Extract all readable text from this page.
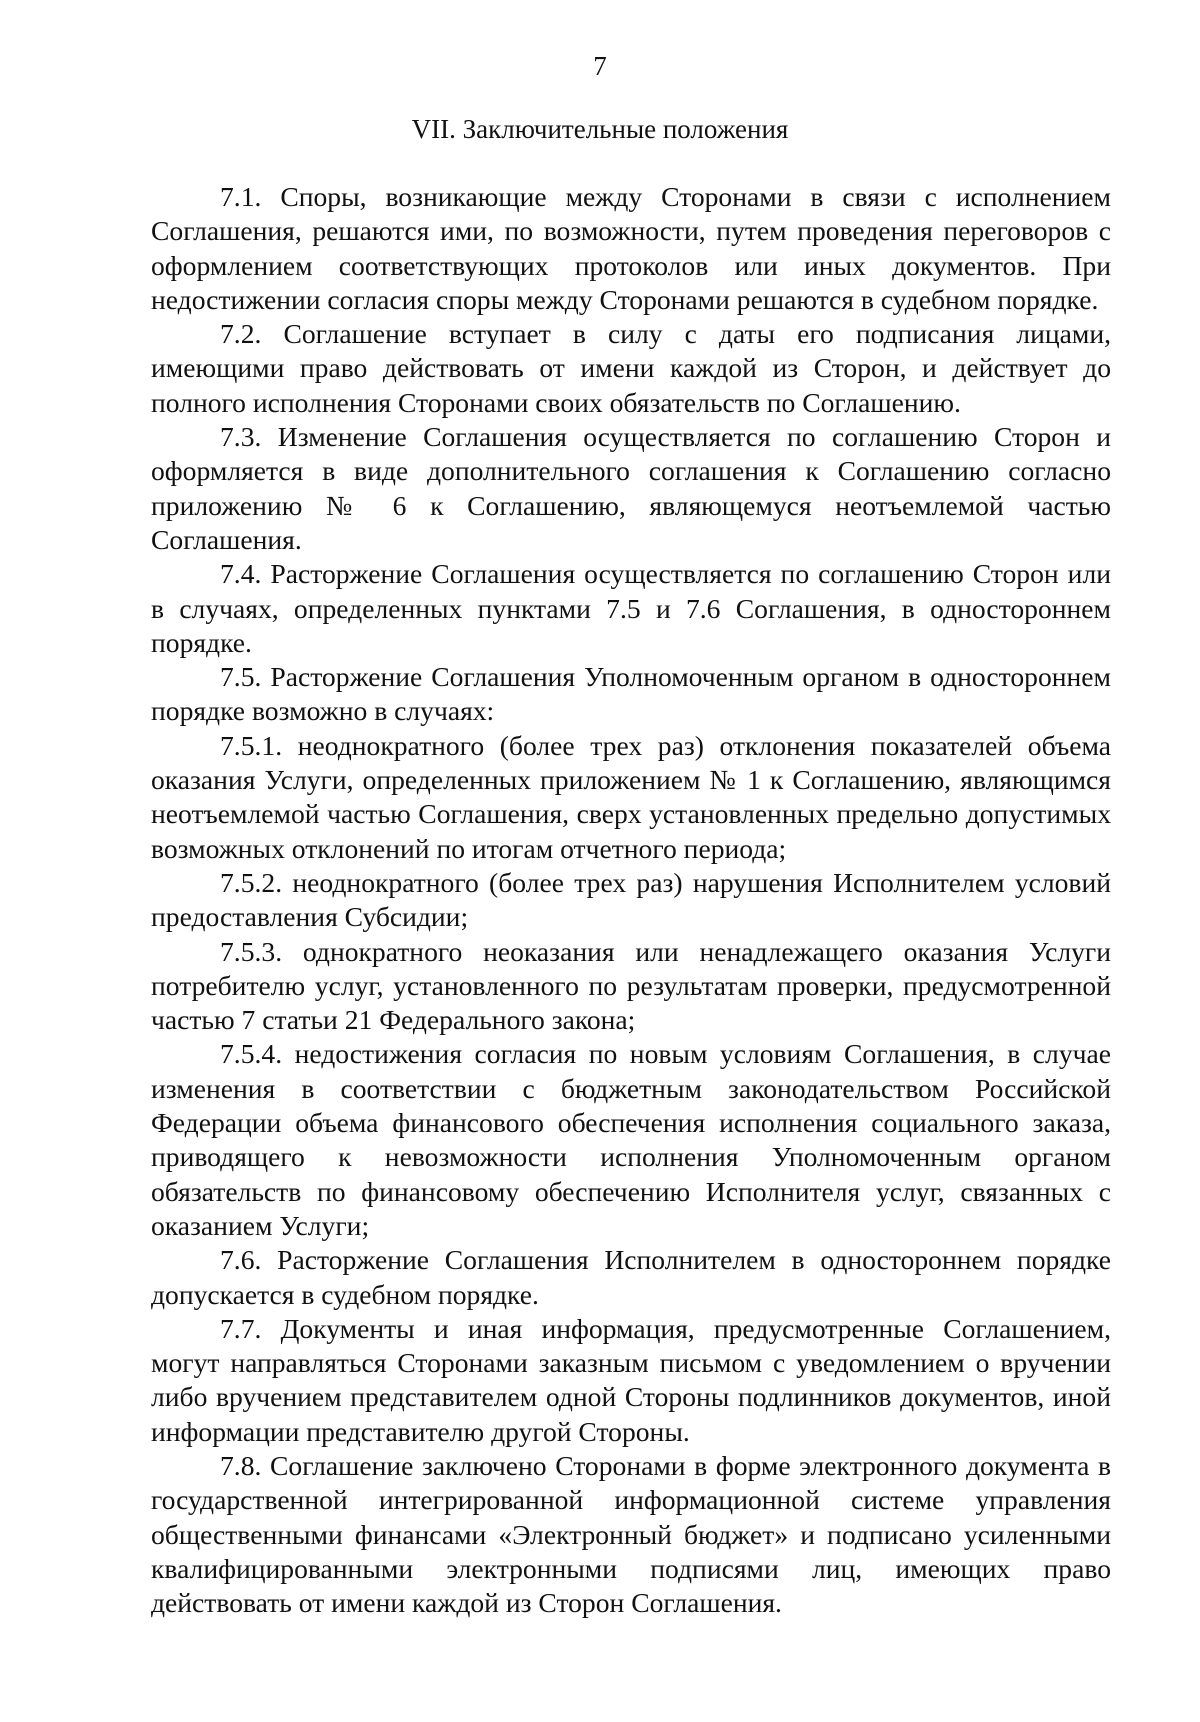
7
VII. Заключительные положения

7.1. Споры, возникающие между Сторонами в связи с исполнением Соглашения, решаются ими, по возможности, путем проведения переговоров с оформлением соответствующих протоколов или иных документов. При недостижении согласия споры между Сторонами решаются в судебном порядке.

7.2. Соглашение вступает в силу с даты его подписания лицами, имеющими право действовать от имени каждой из Сторон, и действует до полного исполнения Сторонами своих обязательств по Соглашению.

7.3. Изменение Соглашения осуществляется по соглашению Сторон и оформляется в виде дополнительного соглашения к Соглашению согласно приложению № 6 к Соглашению, являющемуся неотъемлемой частью Соглашения.

7.4. Расторжение Соглашения осуществляется по соглашению Сторон или в случаях, определенных пунктами 7.5 и 7.6 Соглашения, в одностороннем порядке.

7.5. Расторжение Соглашения Уполномоченным органом в одностороннем порядке возможно в случаях:

7.5.1. неоднократного (более трех раз) отклонения показателей объема оказания Услуги, определенных приложением № 1 к Соглашению, являющимся неотъемлемой частью Соглашения, сверх установленных предельно допустимых возможных отклонений по итогам отчетного периода;

7.5.2. неоднократного (более трех раз) нарушения Исполнителем условий предоставления Субсидии;

7.5.3. однократного неоказания или ненадлежащего оказания Услуги потребителю услуг, установленного по результатам проверки, предусмотренной частью 7 статьи 21 Федерального закона;

7.5.4. недостижения согласия по новым условиям Соглашения, в случае изменения в соответствии с бюджетным законодательством Российской Федерации объема финансового обеспечения исполнения социального заказа, приводящего к невозможности исполнения Уполномоченным органом обязательств по финансовому обеспечению Исполнителя услуг, связанных с оказанием Услуги;

7.6. Расторжение Соглашения Исполнителем в одностороннем порядке допускается в судебном порядке.

7.7. Документы и иная информация, предусмотренные Соглашением, могут направляться Сторонами заказным письмом с уведомлением о вручении либо вручением представителем одной Стороны подлинников документов, иной информации представителю другой Стороны.

7.8. Соглашение заключено Сторонами в форме электронного документа в государственной интегрированной информационной системе управления общественными финансами «Электронный бюджет» и подписано усиленными квалифицированными электронными подписями лиц, имеющих право действовать от имени каждой из Сторон Соглашения.
